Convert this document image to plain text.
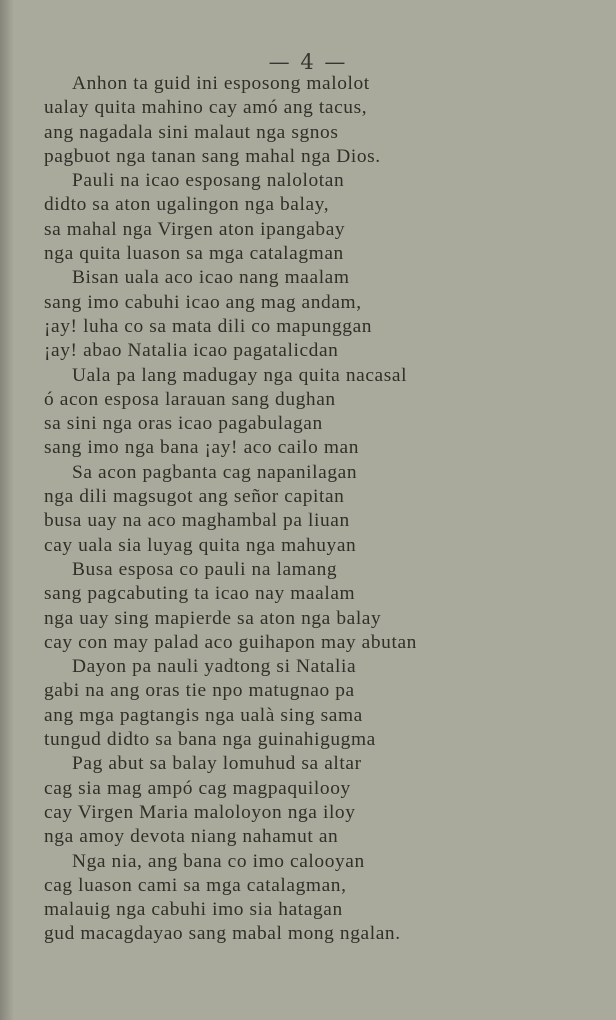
— 4 —
Anhon ta guid ini esposong malolot
ualay quita mahino cay amó ang tacus,
ang nagadala sini malaut nga sgnos
pagbuot nga tanan sang mahal nga Dios.
Pauli na icao esposang nalolotan
didto sa aton ugalingon nga balay,
sa mahal nga Virgen aton ipangabay
nga quita luason sa mga catalagman
Bisan uala aco icao nang maalam
sang imo cabuhi icao ang mag andam,
¡ay! luha co sa mata dili co mapunggan
¡ay! abao Natalia icao pagatalicdan
Uala pa lang madugay nga quita nacasal
ó acon esposa larauan sang dughan
sa sini nga oras icao pagabulagan
sang imo nga bana ¡ay! aco cailo man
Sa acon pagbanta cag napanilagan
nga dili magsugot ang señor capitan
busa uay na aco maghambal pa liuan
cay uala sia luyag quita nga mahuyan
Busa esposa co pauli na lamang
sang pagcabuting ta icao nay maalam
nga uay sing mapierde sa aton nga balay
cay con may palad aco guihapon may abutan
Dayon pa nauli yadtong si Natalia
gabi na ang oras tie npo matugnao pa
ang mga pagtangis nga ualà sing sama
tungud didto sa bana nga guinahigugma
Pag abut sa balay lomuhud sa altar
cag sia mag ampó cag magpaquilooy
cay Virgen Maria maloloyon nga iloy
nga amoy devota niang nahamut an
Nga nia, ang bana co imo calooyan
cag luason cami sa mga catalagman,
malauig nga cabuhi imo sia hatagan
gud macagdayao sang mabal mong ngalan.
